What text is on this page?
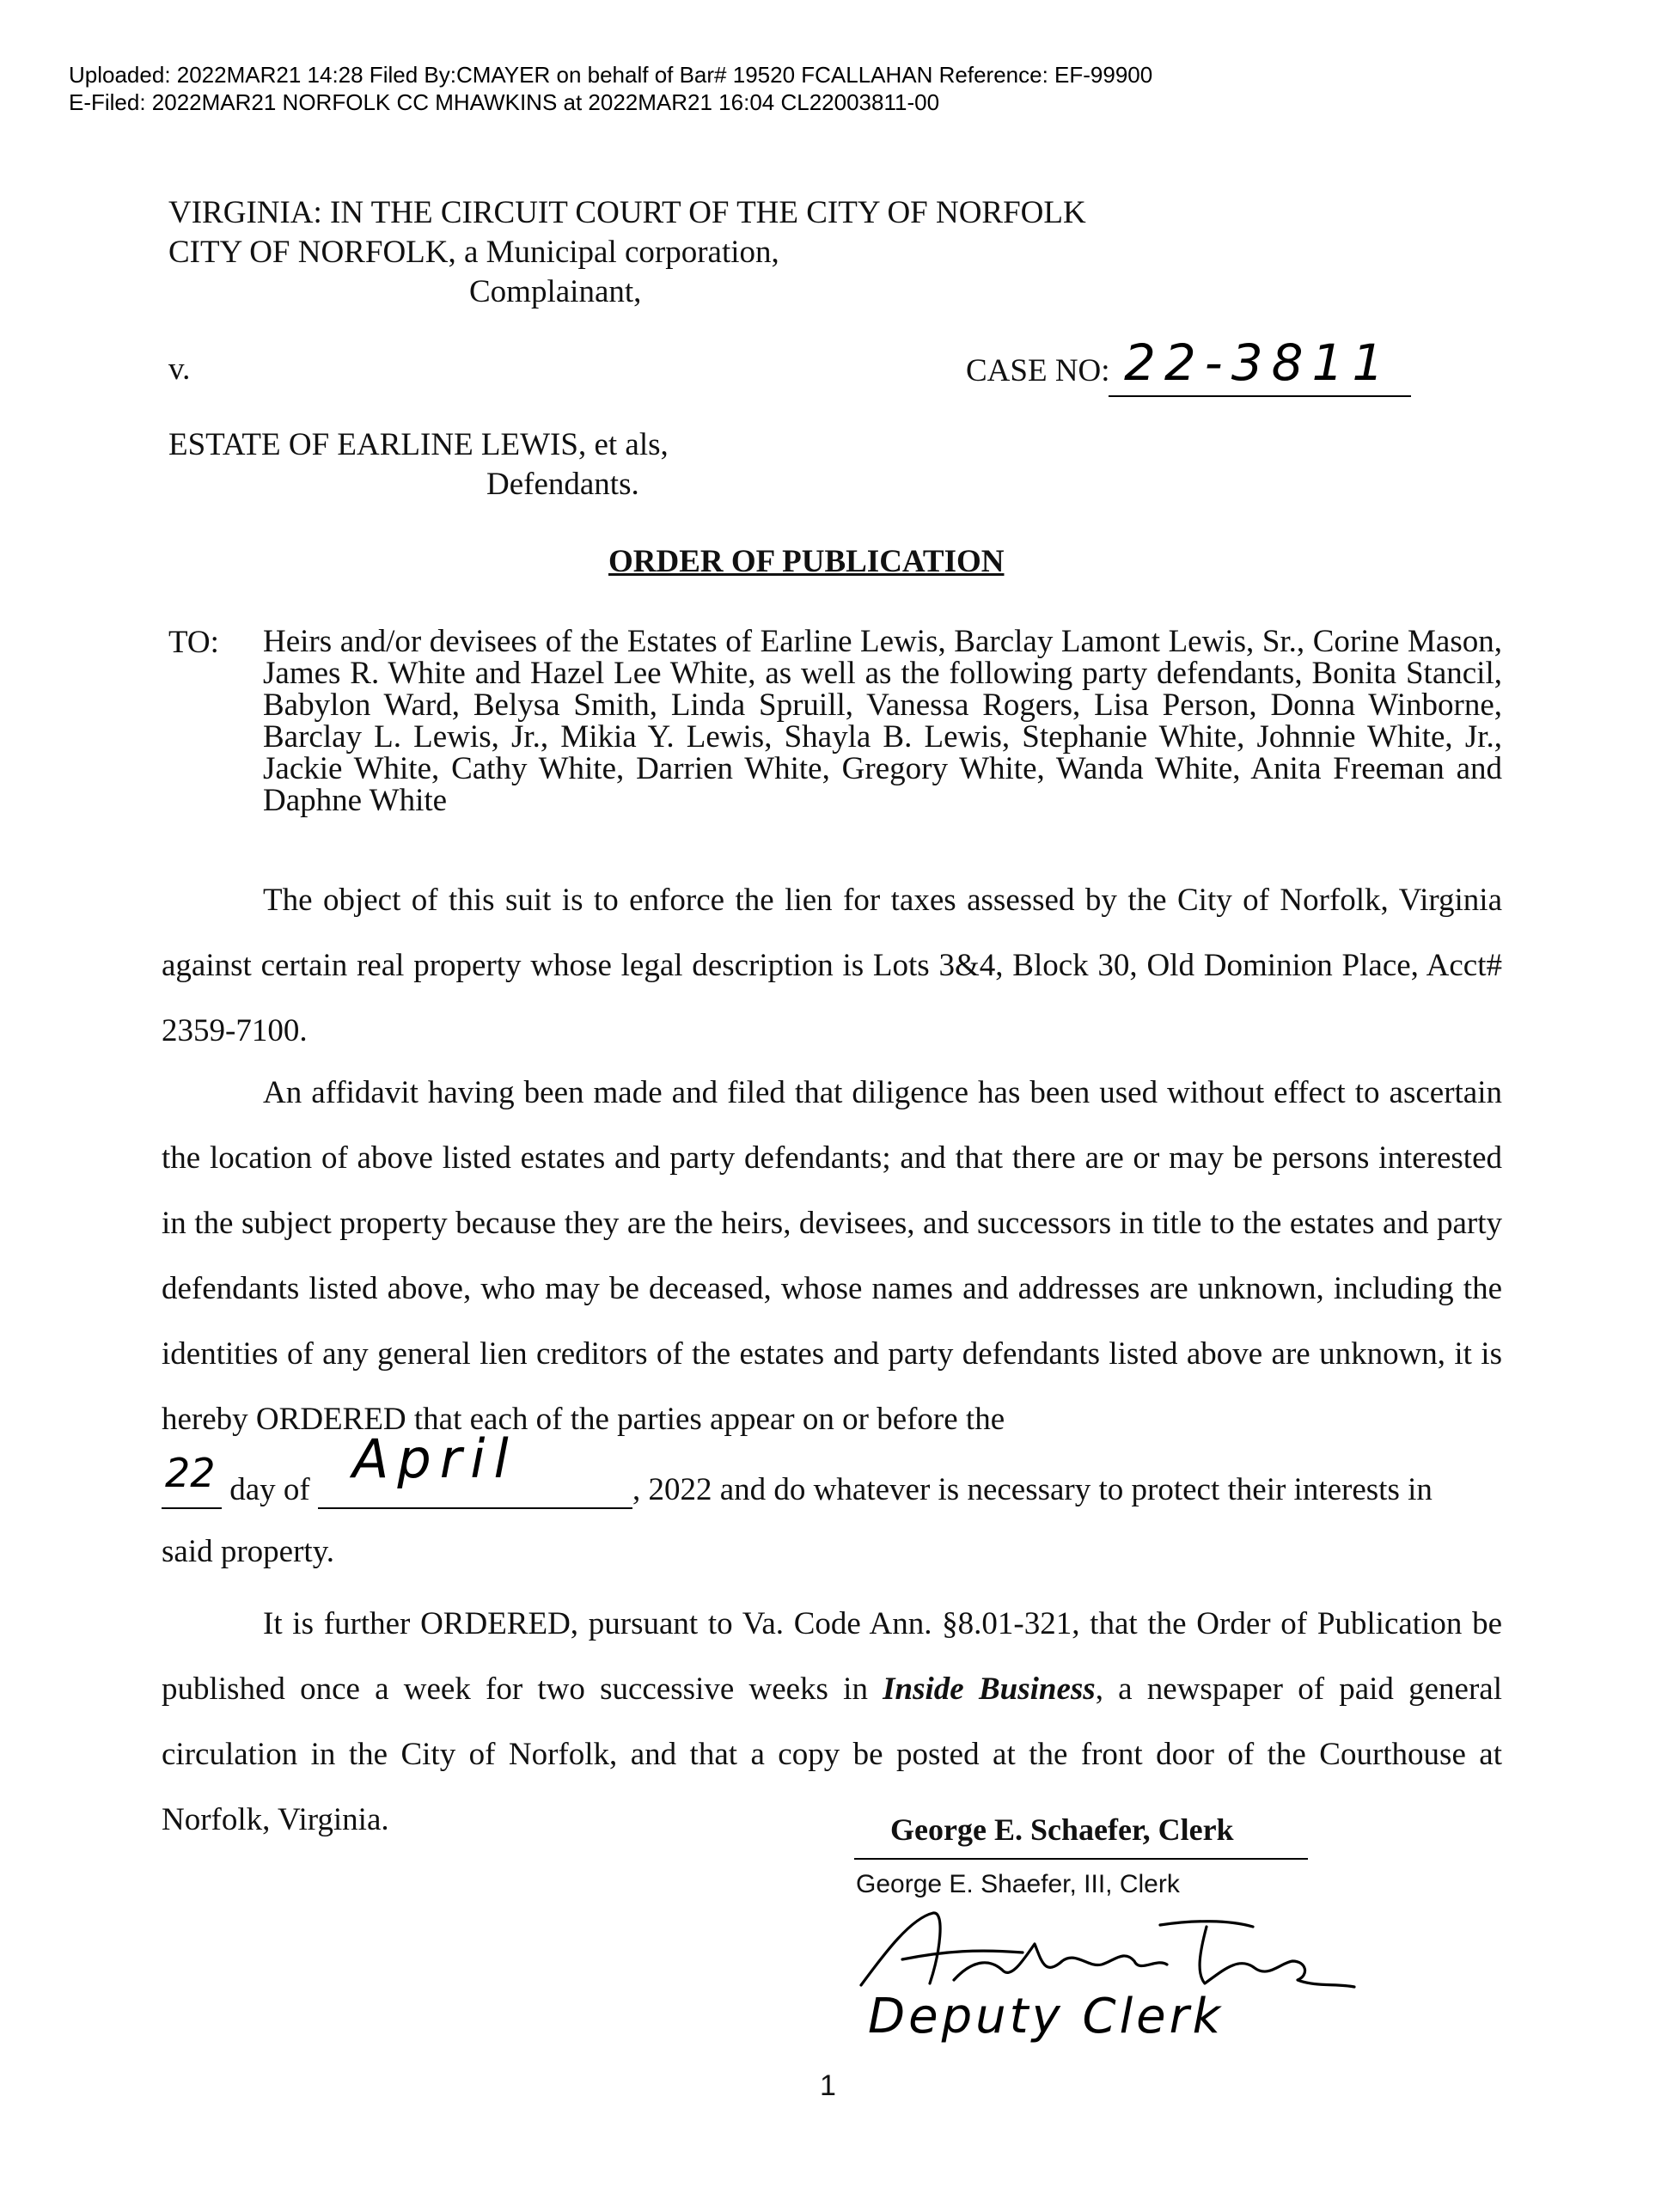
Uploaded: 2022MAR21 14:28 Filed By:CMAYER on behalf of Bar# 19520 FCALLAHAN Reference: EF-99900
E-Filed: 2022MAR21 NORFOLK CC MHAWKINS at 2022MAR21 16:04 CL22003811-00
VIRGINIA: IN THE CIRCUIT COURT OF THE CITY OF NORFOLK
CITY OF NORFOLK, a Municipal corporation,
Complainant,
v.	CASE NO: 22-3811
ESTATE OF EARLINE LEWIS, et als,
Defendants.
ORDER OF PUBLICATION
TO: Heirs and/or devisees of the Estates of Earline Lewis, Barclay Lamont Lewis, Sr., Corine Mason, James R. White and Hazel Lee White, as well as the following party defendants, Bonita Stancil, Babylon Ward, Belysa Smith, Linda Spruill, Vanessa Rogers, Lisa Person, Donna Winborne, Barclay L. Lewis, Jr., Mikia Y. Lewis, Shayla B. Lewis, Stephanie White, Johnnie White, Jr., Jackie White, Cathy White, Darrien White, Gregory White, Wanda White, Anita Freeman and Daphne White
The object of this suit is to enforce the lien for taxes assessed by the City of Norfolk, Virginia against certain real property whose legal description is Lots 3&4, Block 30, Old Dominion Place, Acct# 2359-7100.
An affidavit having been made and filed that diligence has been used without effect to ascertain the location of above listed estates and party defendants; and that there are or may be persons interested in the subject property because they are the heirs, devisees, and successors in title to the estates and party defendants listed above, who may be deceased, whose names and addresses are unknown, including the identities of any general lien creditors of the estates and party defendants listed above are unknown, it is hereby ORDERED that each of the parties appear on or before the
22 day of April	, 2022 and do whatever is necessary to protect their interests in
said property.
It is further ORDERED, pursuant to Va. Code Ann. §8.01-321, that the Order of Publication be published once a week for two successive weeks in Inside Business, a newspaper of paid general circulation in the City of Norfolk, and that a copy be posted at the front door of the Courthouse at Norfolk, Virginia.	George E. Schaefer, Clerk
George E. Shaefer, III, Clerk
Deputy Clerk
1
